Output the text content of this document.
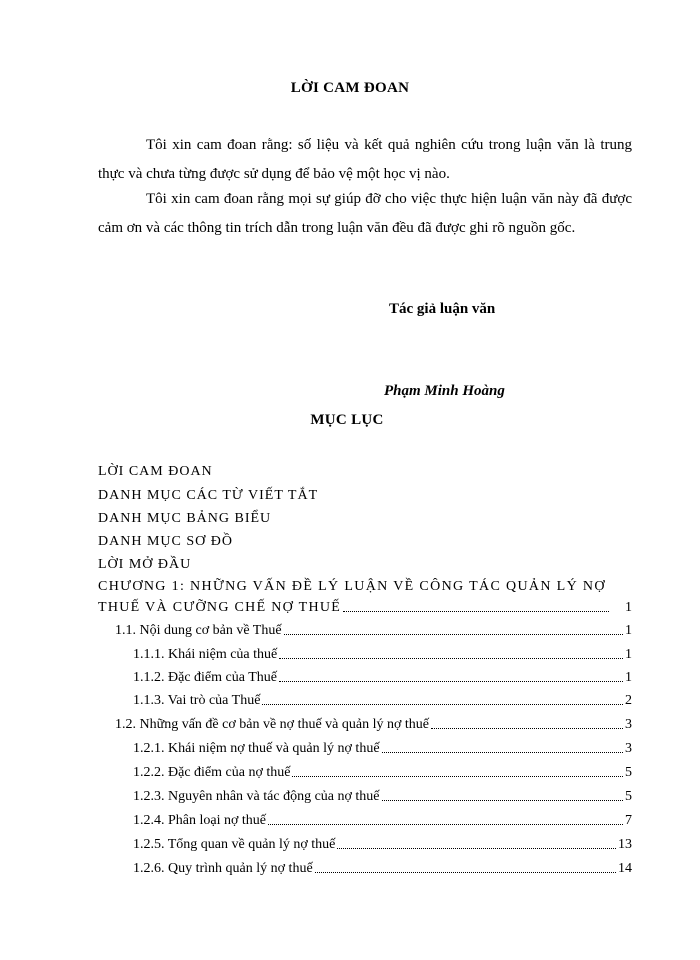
LỜI CAM ĐOAN

Tôi xin cam đoan rằng: số liệu và kết quả nghiên cứu trong luận văn là trung thực và chưa từng được sử dụng để bảo vệ một học vị nào.

Tôi xin cam đoan rằng mọi sự giúp đỡ cho việc thực hiện luận văn này đã được cảm ơn và các thông tin trích dẫn trong luận văn đều đã được ghi rõ nguồn gốc.

Tác giả luận văn
Phạm Minh Hoàng
MỤC LỤC
LỜI CAM ĐOAN
DANH MỤC CÁC TỪ VIẾT TẮT
DANH MỤC BẢNG BIỂU
DANH MỤC SƠ ĐỒ
LỜI MỞ ĐẦU
CHƯƠNG 1: NHỮNG VẤN ĐỀ LÝ LUẬN VỀ CÔNG TÁC QUẢN LÝ NỢ
THUẾ VÀ CƯỠNG CHẾ NỢ THUẾ	1
1.1. Nội dung cơ bản về Thuế	1
1.1.1. Khái niệm của thuế	1
1.1.2. Đặc điểm của Thuế	1
1.1.3. Vai trò của Thuế	2
1.2. Những vấn đề cơ bản về nợ thuế và quản lý nợ thuế	3
1.2.1. Khái niệm nợ thuế và quản lý nợ thuế	3
1.2.2. Đặc điểm của nợ thuế	5
1.2.3. Nguyên nhân và tác động của nợ thuế	5
1.2.4. Phân loại nợ thuế	7
1.2.5. Tổng quan về quản lý nợ thuế	13
1.2.6. Quy trình quản lý nợ thuế	14
